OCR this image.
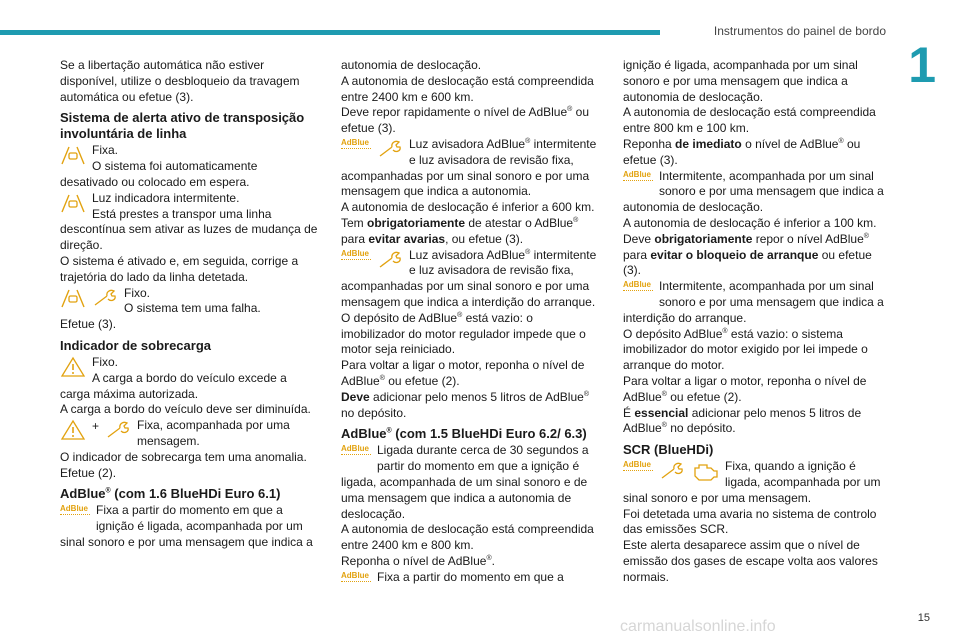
Instrumentos do painel de bordo
1

Se a libertação automática não estiver disponível, utilize o desbloqueio da travagem automática ou efetue (3).

Sistema de alerta ativo de transposição involuntária de linha

Fixa.

O sistema foi automaticamente desativado ou colocado em espera.

Luz indicadora intermitente.

Está prestes a transpor uma linha descontínua sem ativar as luzes de mudança de direção.

O sistema é ativado e, em seguida, corrige a trajetória do lado da linha detetada.

Fixo.

O sistema tem uma falha.

Efetue (3).

Indicador de sobrecarga

Fixo.

A carga a bordo do veículo excede a carga máxima autorizada.

A carga a bordo do veículo deve ser diminuída.

+	Fixa, acompanhada por uma mensagem.

O indicador de sobrecarga tem uma anomalia.

Efetue (2).

AdBlue® (com 1.6 BlueHDi Euro 6.1)
AdBlue Fixa a partir do momento em que a ignição é ligada, acompanhada por um sinal sonoro e por uma mensagem que indica a

autonomia de deslocação.

A autonomia de deslocação está compreendida entre 2400 km e 600 km.

Deve repor rapidamente o nível de AdBlue® ou efetue (3).

AdBlue	Luz avisadora AdBlue® intermitente e luz avisadora de revisão fixa, acompanhadas por um sinal sonoro e por uma mensagem que indica a autonomia.

A autonomia de deslocação é inferior a 600 km. Tem obrigatoriamente de atestar o AdBlue® para evitar avarias, ou efetue (3).

AdBlue	Luz avisadora AdBlue® intermitente e luz avisadora de revisão fixa, acompanhadas por um sinal sonoro e por uma mensagem que indica a interdição do arranque.

O depósito de AdBlue® está vazio: o imobilizador do motor regulador impede que o motor seja reiniciado.

Para voltar a ligar o motor, reponha o nível de AdBlue® ou efetue (2).

Deve adicionar pelo menos 5 litros de AdBlue® no depósito.

AdBlue® (com 1.5 BlueHDi Euro 6.2/ 6.3)
AdBlue Ligada durante cerca de 30 segundos a partir do momento em que a ignição é ligada, acompanhada de um sinal sonoro e de uma mensagem que indica a autonomia de deslocação.

A autonomia de deslocação está compreendida entre 2400 km e 800 km.

Reponha o nível de AdBlue®.

AdBlue Fixa a partir do momento em que a

ignição é ligada, acompanhada por um sinal sonoro e por uma mensagem que indica a autonomia de deslocação.

A autonomia de deslocação está compreendida entre 800 km e 100 km.

Reponha de imediato o nível de AdBlue® ou efetue (3).

AdBlue Intermitente, acompanhada por um sinal sonoro e por uma mensagem que indica a autonomia de deslocação.

A autonomia de deslocação é inferior a 100 km.

Deve obrigatoriamente repor o nível AdBlue® para evitar o bloqueio de arranque ou efetue (3).

AdBlue Intermitente, acompanhada por um sinal sonoro e por uma mensagem que indica a interdição do arranque.

O depósito AdBlue® está vazio: o sistema imobilizador do motor exigido por lei impede o arranque do motor.

Para voltar a ligar o motor, reponha o nível de AdBlue® ou efetue (2).

É essencial adicionar pelo menos 5 litros de AdBlue® no depósito.

SCR (BlueHDi)
AdBlue	Fixa, quando a ignição é ligada, acompanhada por um sinal sonoro e por uma mensagem.

Foi detetada uma avaria no sistema de controlo das emissões SCR.

Este alerta desaparece assim que o nível de emissão dos gases de escape volta aos valores normais.

carmanualsonline.info	15
